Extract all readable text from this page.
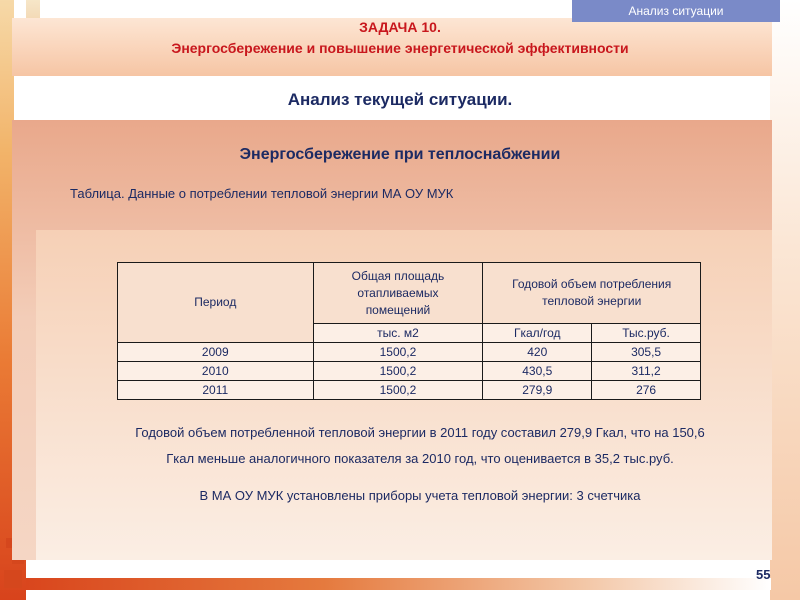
Анализ ситуации
ЗАДАЧА 10.
Энергосбережение и повышение энергетической эффективности
Анализ текущей ситуации.
Энергосбережение при теплоснабжении
Таблица. Данные о потреблении тепловой энергии МА ОУ МУК
Период	Общая площадь отапливаемых помещений	Годовой объем потребления тепловой энергии	
	тыс. м2	Гкал/год	Тыс.руб.
2009	1500,2	420	305,5
2010	1500,2	430,5	311,2
2011	1500,2	279,9	276
Годовой объем потребленной тепловой энергии в 2011 году составил 279,9 Гкал, что на 150,6
Гкал меньше аналогичного показателя за 2010 год, что оценивается в 35,2 тыс.руб.
В МА ОУ МУК установлены приборы учета тепловой энергии: 3 счетчика
55
